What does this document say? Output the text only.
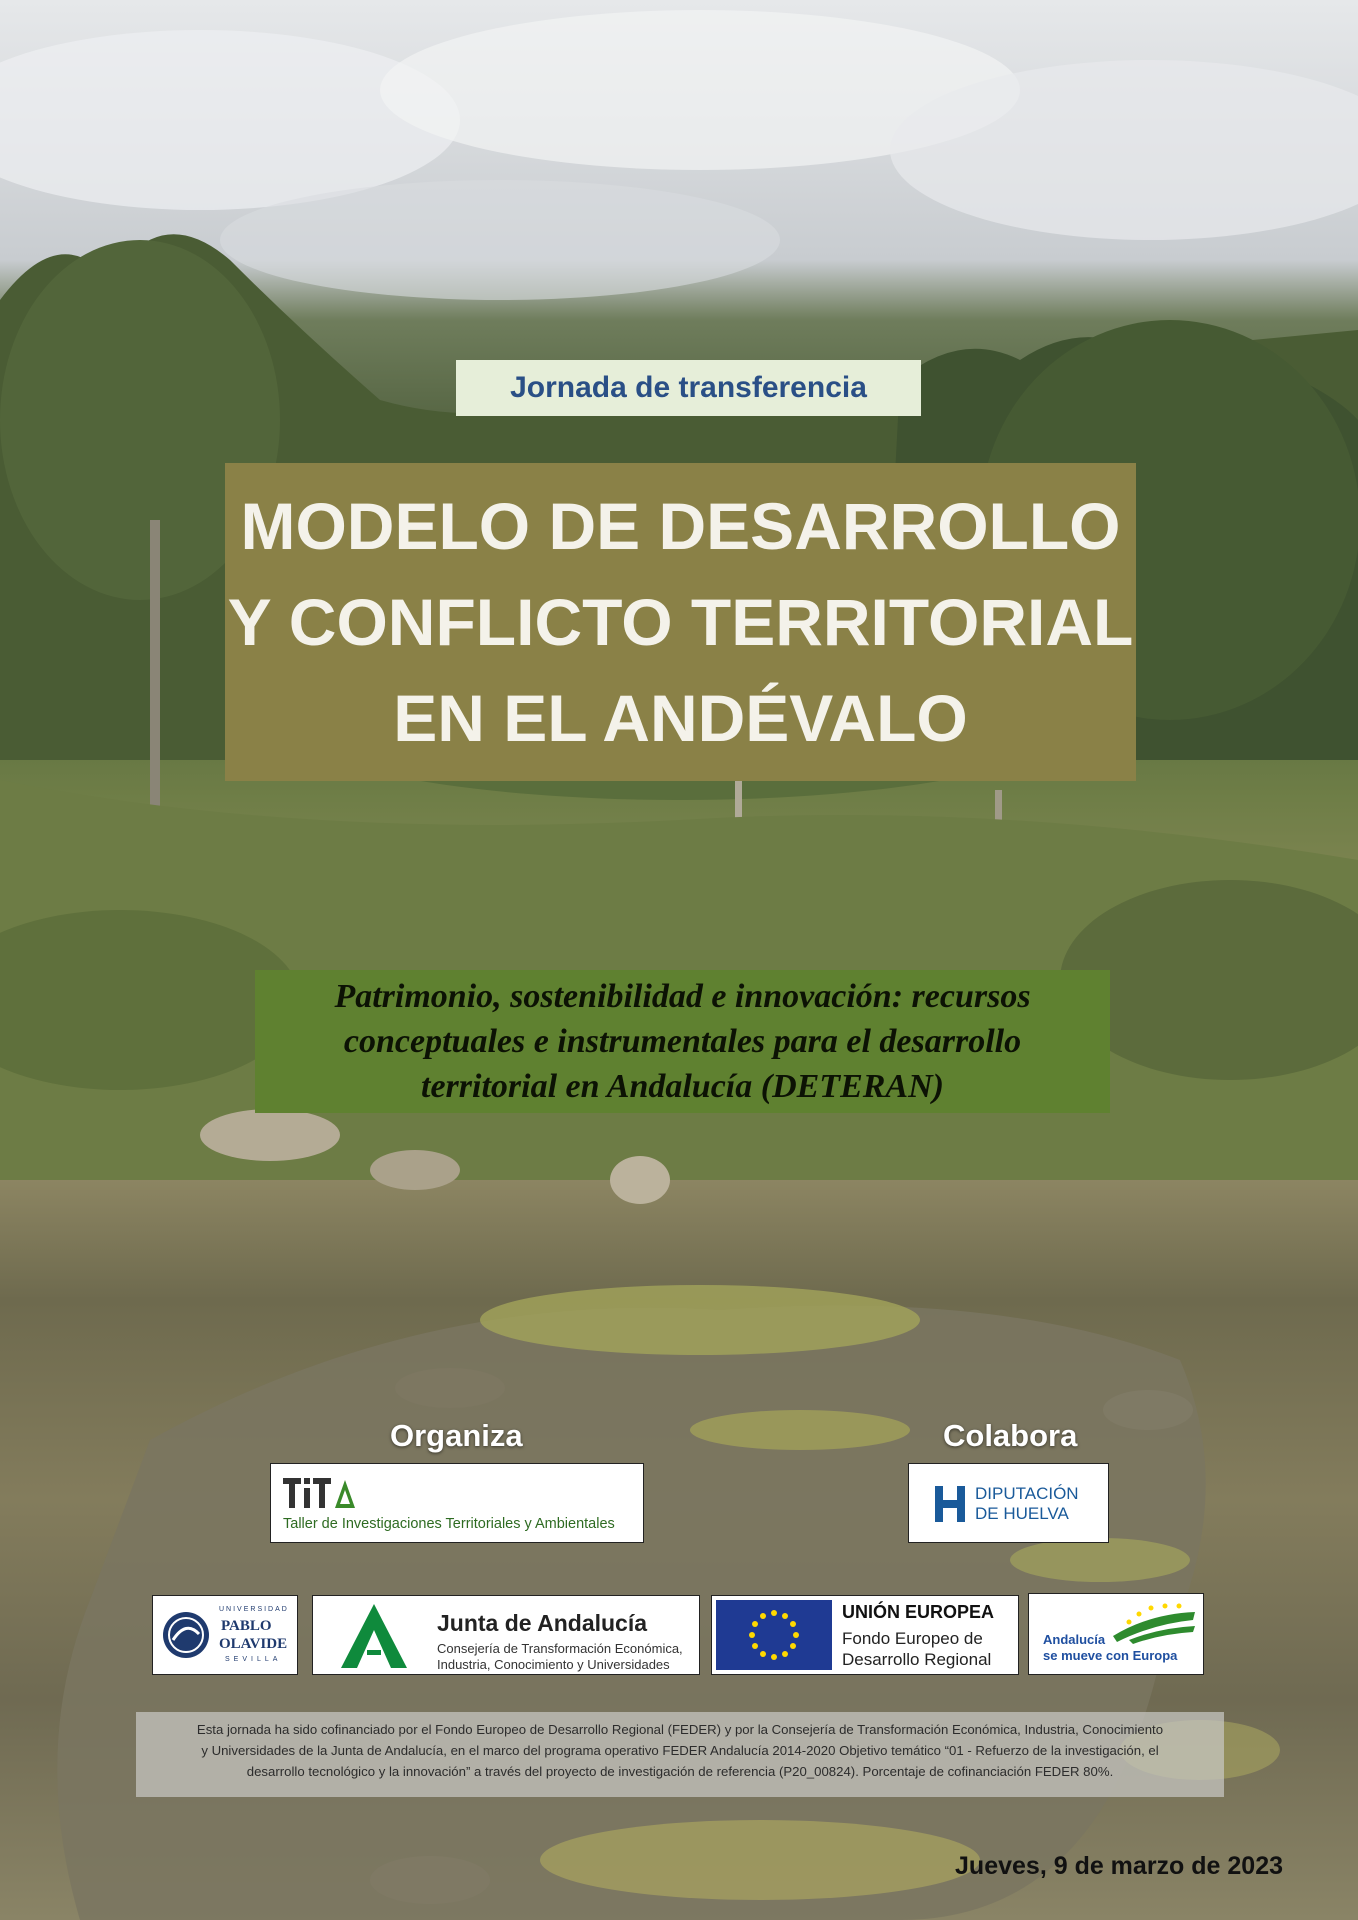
Jornada de transferencia
MODELO DE DESARROLLO
Y CONFLICTO TERRITORIAL
EN EL ANDÉVALO
Patrimonio, sostenibilidad e innovación: recursos
conceptuales e instrumentales para el desarrollo
territorial en Andalucía (DETERAN)
Organiza	Colabora
Taller de Investigaciones Territoriales y Ambientales
DIPUTACIÓN
DE HUELVA
UNIVERSIDAD
PABLO
OLAVIDE
SEVILLA
Junta de Andalucía
Consejería de Transformación Económica,
Industria, Conocimiento y Universidades
UNIÓN EUROPEA
Fondo Europeo de
Desarrollo Regional
Andalucía
se mueve con Europa
Esta jornada ha sido cofinanciado por el Fondo Europeo de Desarrollo Regional (FEDER) y por la Consejería de Transformación Económica, Industria, Conocimiento
y Universidades de la Junta de Andalucía, en el marco del programa operativo FEDER Andalucía 2014-2020 Objetivo temático “01 - Refuerzo de la investigación, el
desarrollo tecnológico y la innovación” a través del proyecto de investigación de referencia (P20_00824). Porcentaje de cofinanciación FEDER 80%.
Jueves, 9 de marzo de 2023
